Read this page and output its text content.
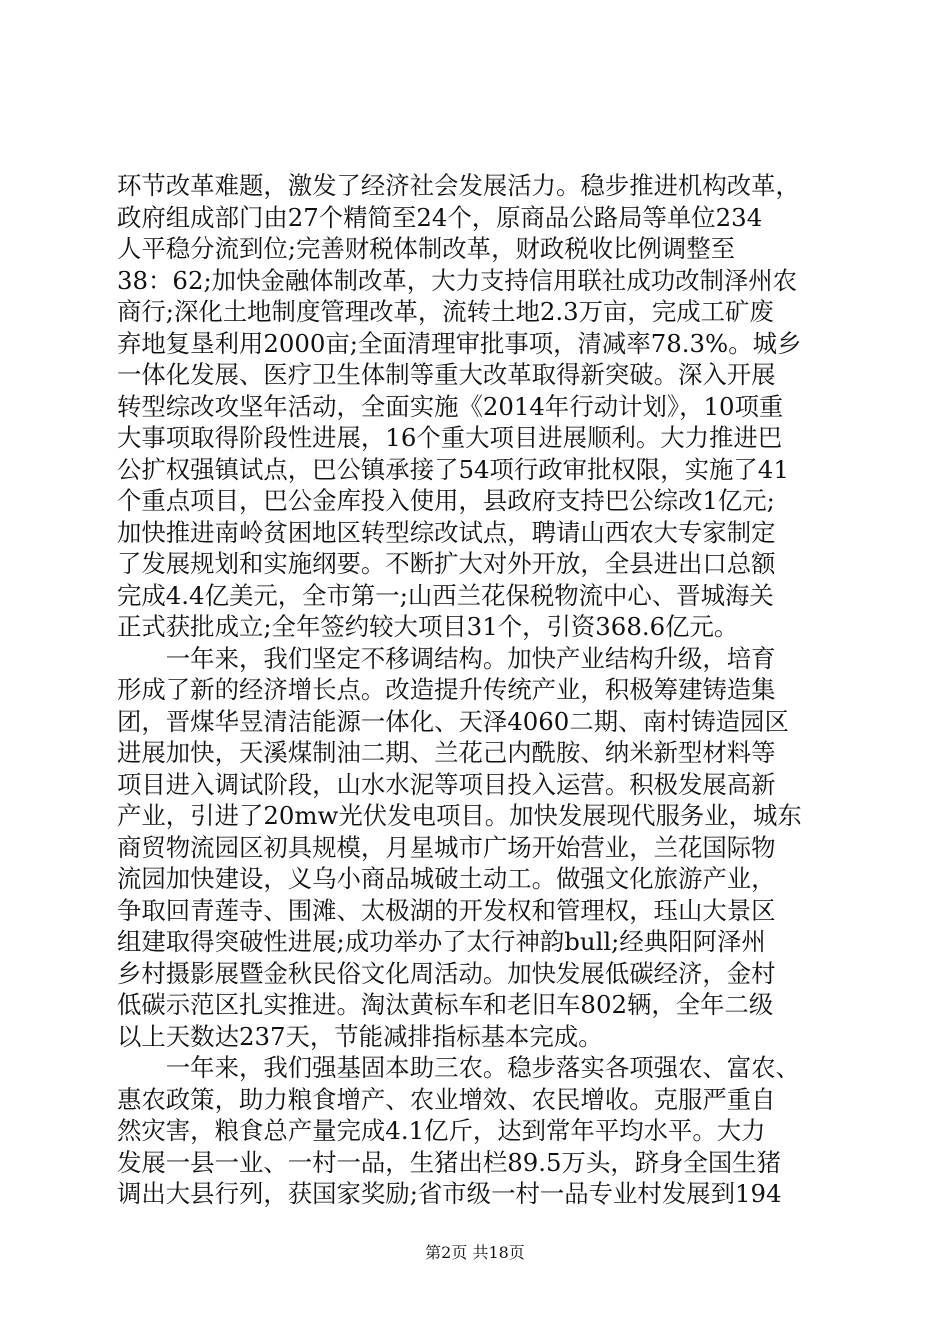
环节改革难题，激发了经济社会发展活力。稳步推进机构改革，
政府组成部门由27个精简至24个，原商品公路局等单位234
人平稳分流到位;完善财税体制改革，财政税收比例调整至
38：62;加快金融体制改革，大力支持信用联社成功改制泽州农
商行;深化土地制度管理改革，流转土地2.3万亩，完成工矿废
弃地复垦利用2000亩;全面清理审批事项，清减率78.3%。城乡
一体化发展、医疗卫生体制等重大改革取得新突破。深入开展
转型综改攻坚年活动，全面实施《2014年行动计划》，10项重
大事项取得阶段性进展，16个重大项目进展顺利。大力推进巴
公扩权强镇试点，巴公镇承接了54项行政审批权限，实施了41
个重点项目，巴公金库投入使用，县政府支持巴公综改1亿元;
加快推进南岭贫困地区转型综改试点，聘请山西农大专家制定
了发展规划和实施纲要。不断扩大对外开放，全县进出口总额
完成4.4亿美元，全市第一;山西兰花保税物流中心、晋城海关
正式获批成立;全年签约较大项目31个，引资368.6亿元。
　　一年来，我们坚定不移调结构。加快产业结构升级，培育
形成了新的经济增长点。改造提升传统产业，积极筹建铸造集
团，晋煤华昱清洁能源一体化、天泽4060二期、南村铸造园区
进展加快，天溪煤制油二期、兰花己内酰胺、纳米新型材料等
项目进入调试阶段，山水水泥等项目投入运营。积极发展高新
产业，引进了20mw光伏发电项目。加快发展现代服务业，城东
商贸物流园区初具规模，月星城市广场开始营业，兰花国际物
流园加快建设，义乌小商品城破土动工。做强文化旅游产业，
争取回青莲寺、围滩、太极湖的开发权和管理权，珏山大景区
组建取得突破性进展;成功举办了太行神韵bull;经典阳阿泽州
乡村摄影展暨金秋民俗文化周活动。加快发展低碳经济，金村
低碳示范区扎实推进。淘汰黄标车和老旧车802辆，全年二级
以上天数达237天，节能减排指标基本完成。
　　一年来，我们强基固本助三农。稳步落实各项强农、富农、
惠农政策，助力粮食增产、农业增效、农民增收。克服严重自
然灾害，粮食总产量完成4.1亿斤，达到常年平均水平。大力
发展一县一业、一村一品，生猪出栏89.5万头，跻身全国生猪
调出大县行列，获国家奖励;省市级一村一品专业村发展到194
第2页 共18页
